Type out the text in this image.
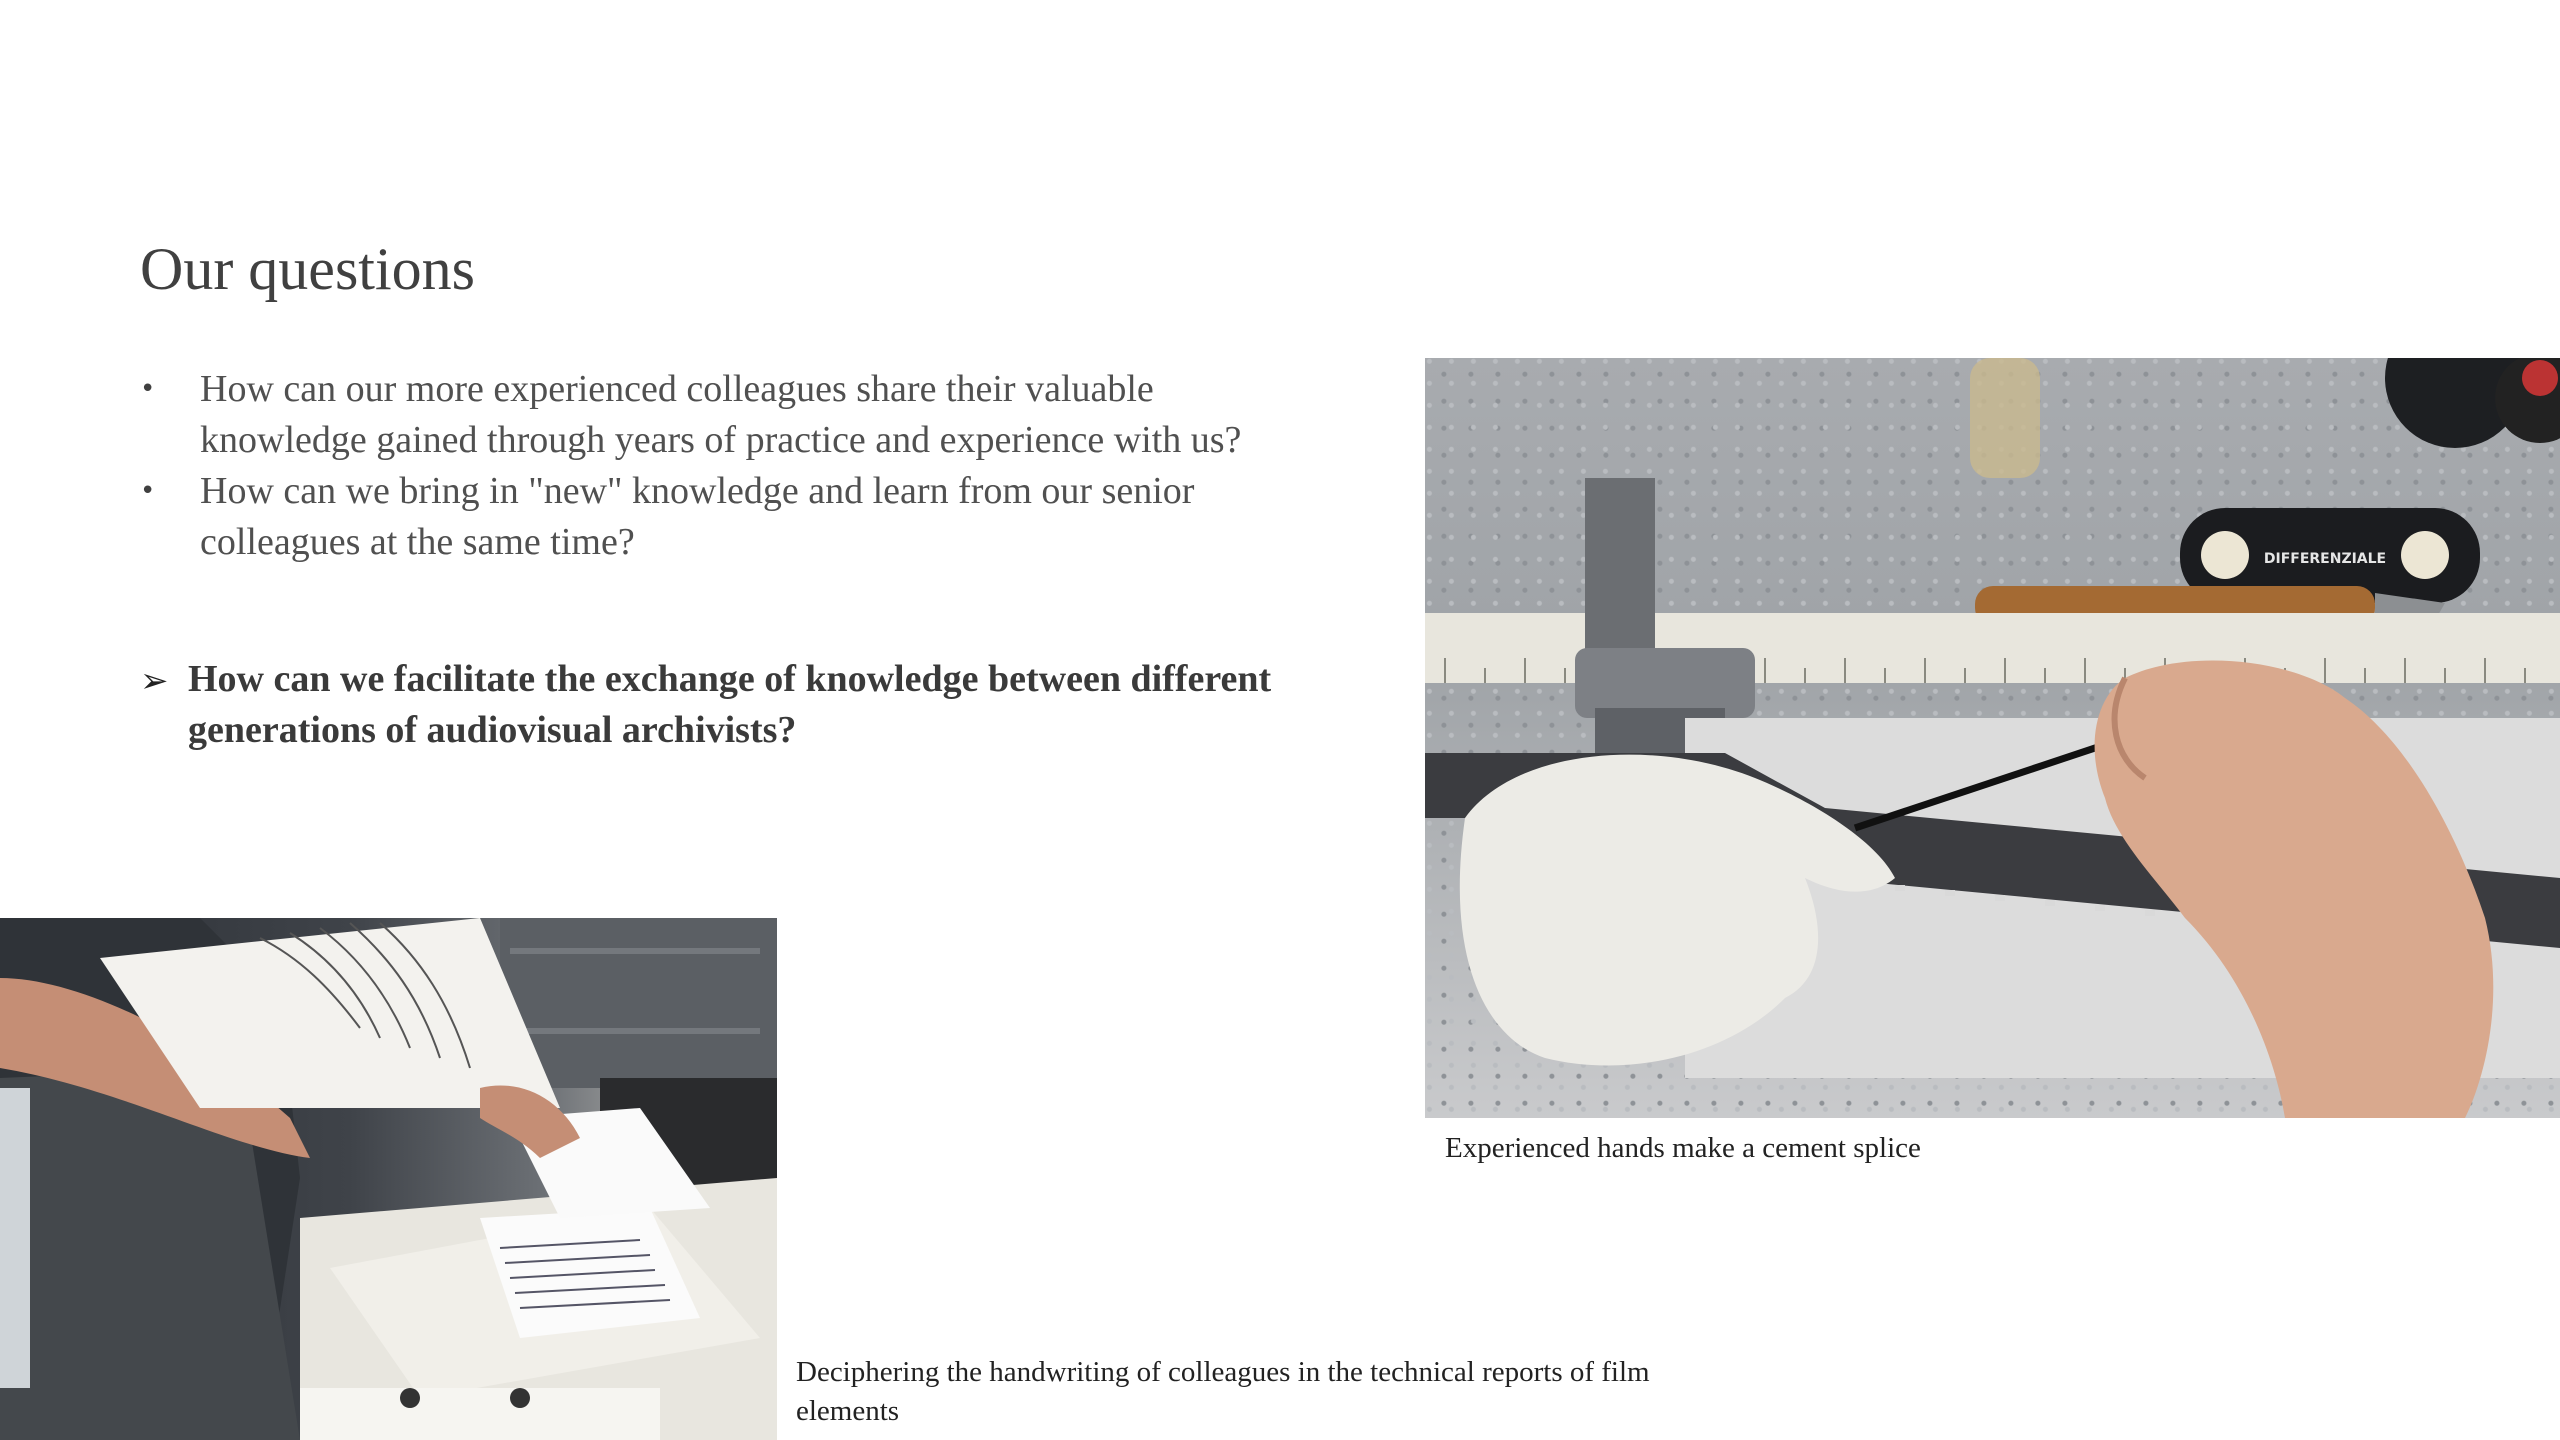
Our questions
• How can our more experienced colleagues share their valuable knowledge gained through years of practice and experience with us?
• How can we bring in "new" knowledge and learn from our senior colleagues at the same time?
➢ How can we facilitate the exchange of knowledge between different generations of audiovisual archivists?
DIFFERENZIALE
Experienced hands make a cement splice
Deciphering the handwriting of colleagues in the technical reports of film elements
